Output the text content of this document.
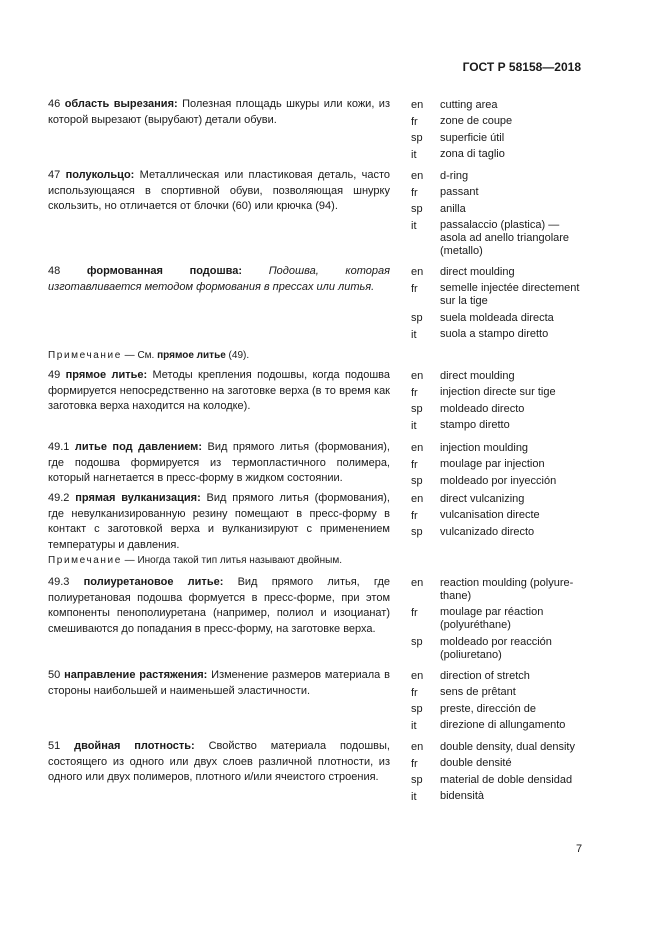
ГОСТ Р 58158—2018
46 область вырезания: Полезная площадь шкуры или кожи, из которой вырезают (вырубают) детали обуви.
en	cutting area
fr	zone de coupe
sp	superficie útil
it	zona di taglio
47 полукольцо: Металлическая или пластиковая деталь, часто использующаяся в спортивной обуви, позволяющая шнурку скользить, но отличается от блочки (60) или крючка (94).
en	d-ring
fr	passant
sp	anilla
it	passalaccio (plastica) — asola ad anello triangolare (metallo)
48 формованная подошва: Подошва, которая изготавливается методом формования в прессах или литья.
en	direct moulding
fr	semelle injectée directement sur la tige
sp	suela moldeada directa
it	suola a stampo diretto
Примечание — См. прямое литье (49).
49 прямое литье: Методы крепления подошвы, когда подошва формируется непосредственно на заготовке верха (в то время как заготовка верха находится на колодке).
en	direct moulding
fr	injection directe sur tige
sp	moldeado directo
it	stampo diretto
49.1 литье под давлением: Вид прямого литья (формования), где подошва формируется из термопластичного полимера, который нагнетается в пресс-форму в жидком состоянии.
en	injection moulding
fr	moulage par injection
sp	moldeado por inyección
49.2 прямая вулканизация: Вид прямого литья (формования), где невулканизированную резину помещают в пресс-форму в контакт с заготовкой верха и вулканизируют с применением температуры и давления.
en	direct vulcanizing
fr	vulcanisation directe
sp	vulcanizado directo
Примечание — Иногда такой тип литья называют двойным.
49.3 полиуретановое литье: Вид прямого литья, где полиуретановая подошва формуется в пресс-форме, при этом компоненты пенополиуретана (например, полиол и изоцианат) смешиваются до попадания в пресс-форму, на заготовке верха.
en	reaction moulding (polyure-thane)
fr	moulage par réaction (polyuréthane)
sp	moldeado por reacción (poliuretano)
50 направление растяжения: Изменение размеров материала в стороны наибольшей и наименьшей эластичности.
en	direction of stretch
fr	sens de prêtant
sp	preste, dirección de
it	direzione di allungamento
51 двойная плотность: Свойство материала подошвы, состоящего из одного или двух слоев различной плотности, из одного или двух полимеров, плотного и/или ячеистого строения.
en	double density, dual density
fr	double densité
sp	material de doble densidad
it	bidensità
7
